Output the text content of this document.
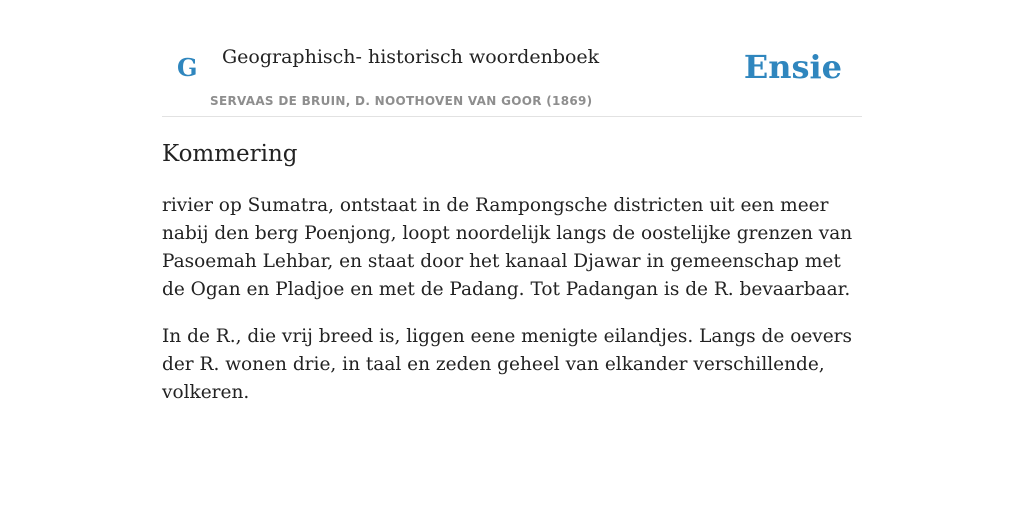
G Geographisch- historisch woordenboek
SERVAAS DE BRUIN, D. NOOTHOVEN VAN GOOR (1869)
Ensie
Kommering

rivier op Sumatra, ontstaat in de Rampongsche districten uit een meer nabij den berg Poenjong, loopt noordelijk langs de oostelijke grenzen van Pasoemah Lehbar, en staat door het kanaal Djawar in gemeenschap met de Ogan en Pladjoe en met de Padang. Tot Padangan is de R. bevaarbaar.

In de R., die vrij breed is, liggen eene menigte eilandjes. Langs de oevers der R. wonen drie, in taal en zeden geheel van elkander verschillende, volkeren.
